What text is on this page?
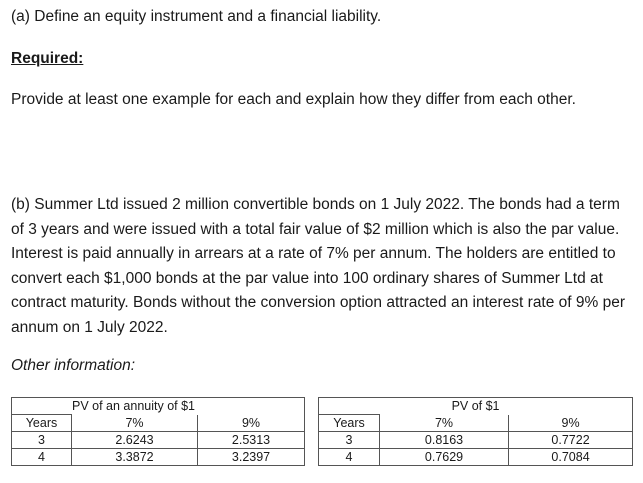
(a) Define an equity instrument and a financial liability.

Required:

Provide at least one example for each and explain how they differ from each other.

(b) Summer Ltd issued 2 million convertible bonds on 1 July 2022. The bonds had a term of 3 years and were issued with a total fair value of $2 million which is also the par value. Interest is paid annually in arrears at a rate of 7% per annum. The holders are entitled to convert each $1,000 bonds at the par value into 100 ordinary shares of Summer Ltd at contract maturity. Bonds without the conversion option attracted an interest rate of 9% per annum on 1 July 2022.

Other information:

PV of an annuity of $1				PV of $1		
Years	7%	9%		Years	7%	9%
3	2.6243	2.5313		3	0.8163	0.7722
4	3.3872	3.2397		4	0.7629	0.7084
